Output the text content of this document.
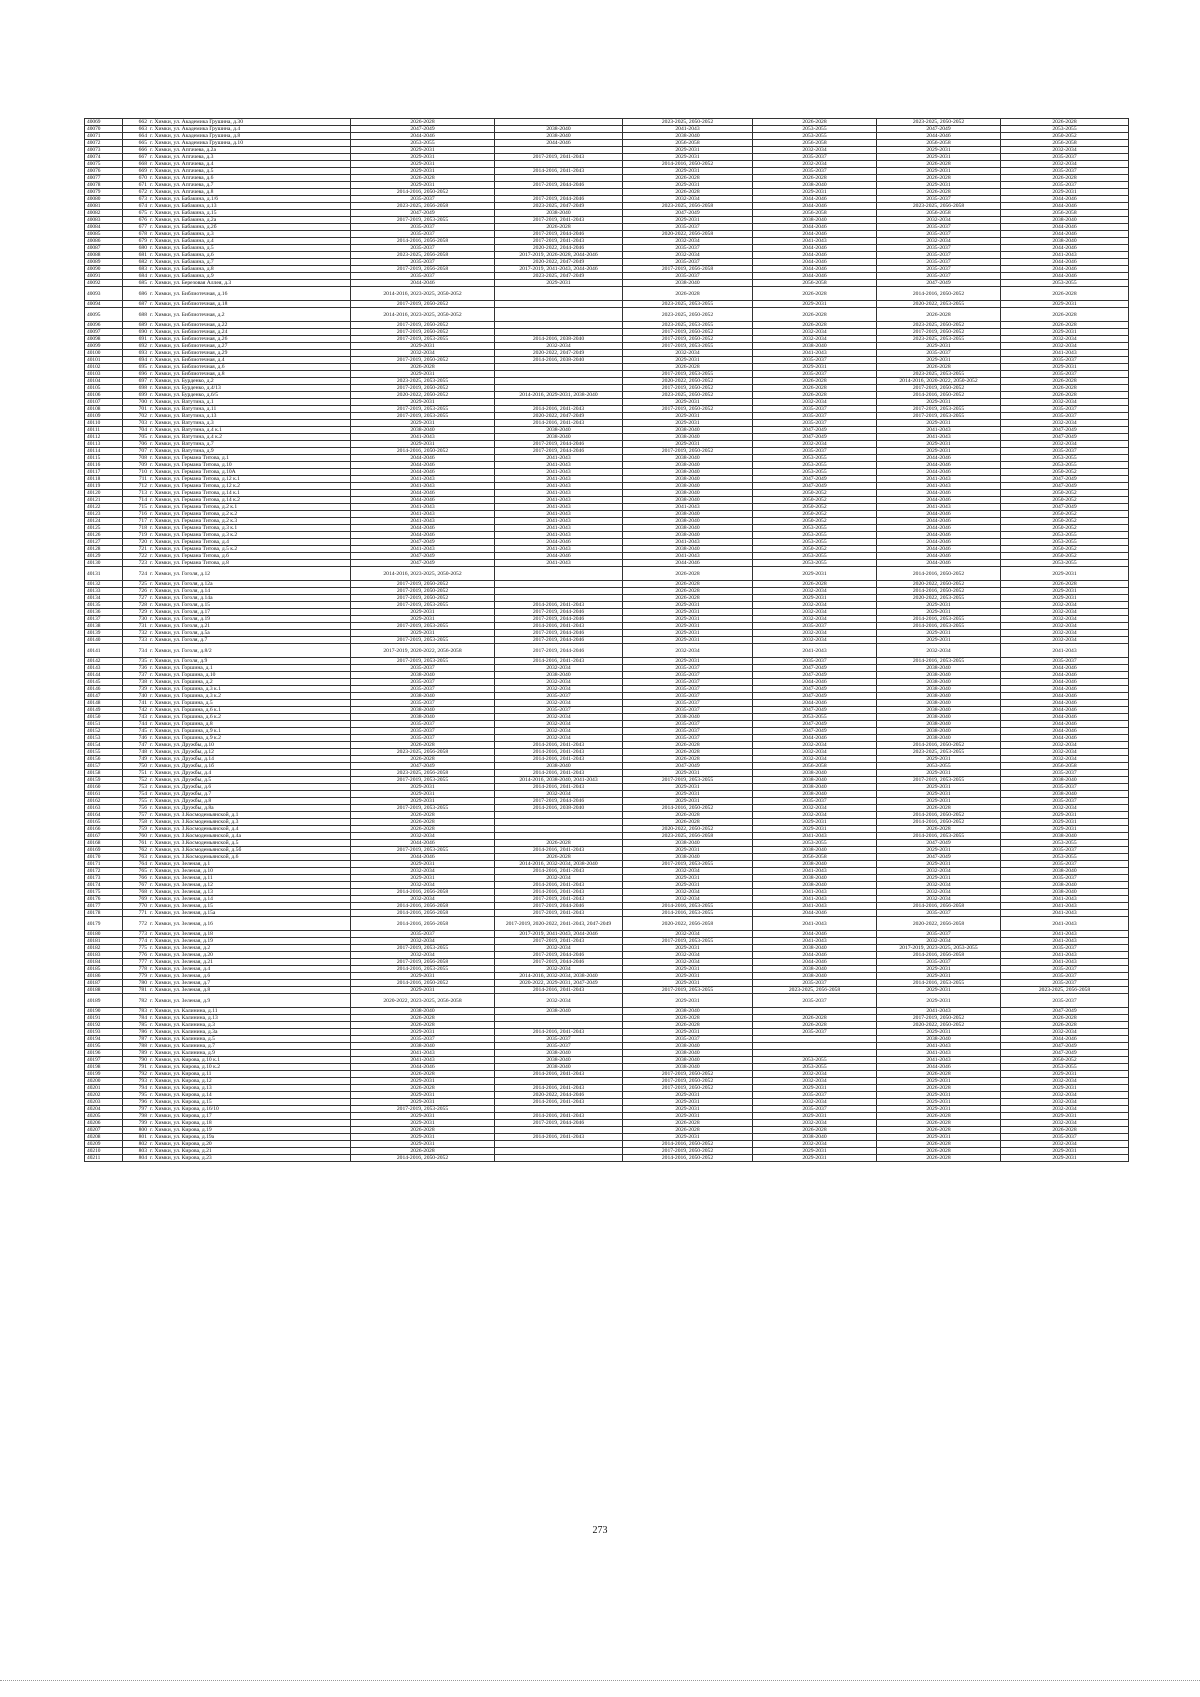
40069	662 г. Химки, ул. Академика Грушина, д.30	2026-2028		2023-2025, 2050-2052	2026-2028	2023-2025, 2050-2052	2026-2028
40070	663 г. Химки, ул. Академика Грушина, д.4	2047-2049	2038-2040	2041-2043	2053-2055	2047-2049	2053-2055
40071	664 г. Химки, ул. Академика Грушина, д.8	2044-2046	2038-2040	2038-2040	2053-2055	2044-2046	2050-2052
40072	665 г. Химки, ул. Академика Грушина, д.10	2053-2055	2044-2046	2056-2058	2056-2058	2056-2058	2056-2058
40073	666 г. Химки, ул. Апгачева, д.2а	2029-2031		2029-2031	2032-2034	2029-2031	2032-2034
40074	667 г. Химки, ул. Апгачева, д.3	2029-2031	2017-2019, 2041-2043	2029-2031	2035-2037	2029-2031	2035-2037
40075	668 г. Химки, ул. Апгачева, д.4	2029-2031		2014-2016, 2050-2052	2032-2034	2026-2028	2032-2034
40076	669 г. Химки, ул. Апгачева, д.5	2029-2031	2014-2016, 2041-2043	2029-2031	2035-2037	2029-2031	2035-2037
40077	670 г. Химки, ул. Апгачева, д.6	2026-2028		2026-2028	2026-2028	2026-2028	2026-2028
40078	671 г. Химки, ул. Апгачева, д.7	2029-2031	2017-2019, 2044-2046	2029-2031	2038-2040	2029-2031	2035-2037
40079	672 г. Химки, ул. Апгачева, д.8	2014-2016, 2050-2052		2026-2028	2029-2031	2026-2028	2029-2031
40080	673 г. Химки, ул. Бабакина, д.1/6	2035-2037	2017-2019, 2044-2046	2032-2034	2044-2046	2035-2037	2044-2046
40081	674 г. Химки, ул. Бабакина, д.13	2023-2025, 2056-2058	2023-2025, 2047-2049	2023-2025, 2056-2058	2044-2046	2023-2025, 2056-2058	2044-2046
40082	675 г. Химки, ул. Бабакина, д.15	2047-2049	2038-2040	2047-2049	2056-2058	2056-2058	2056-2058
40083	676 г. Химки, ул. Бабакина, д.2а	2017-2019, 2053-2055	2017-2019, 2041-2043	2029-2031	2038-2040	2032-2034	2038-2040
40084	677 г. Химки, ул. Бабакина, д.2б	2035-2037	2026-2028	2035-2037	2044-2046	2035-2037	2044-2046
40085	678 г. Химки, ул. Бабакина, д.3	2035-2037	2017-2019, 2044-2046	2020-2022, 2056-2058	2044-2046	2035-2037	2044-2046
40086	679 г. Химки, ул. Бабакина, д.4	2014-2016, 2056-2058	2017-2019, 2041-2043	2032-2034	2041-2043	2032-2034	2038-2040
40087	680 г. Химки, ул. Бабакина, д.5	2035-2037	2020-2022, 2044-2046	2035-2037	2044-2046	2035-2037	2044-2046
40088	681 г. Химки, ул. Бабакина, д.6	2023-2025, 2056-2058	2017-2019, 2026-2028, 2044-2046	2032-2034	2044-2046	2035-2037	2041-2043
40089	682 г. Химки, ул. Бабакина, д.7	2035-2037	2020-2022, 2047-2049	2035-2037	2044-2046	2035-2037	2044-2046
40090	683 г. Химки, ул. Бабакина, д.8	2017-2019, 2056-2058	2017-2019, 2041-2043, 2044-2046	2017-2019, 2056-2058	2044-2046	2035-2037	2044-2046
40091	684 г. Химки, ул. Бабакина, д.9	2035-2037	2023-2025, 2047-2049	2035-2037	2044-2046	2035-2037	2044-2046
40092	685 г. Химки, ул. Березовая Аллея, д.3	2044-2046	2029-2031	2038-2040	2056-2058	2047-2049	2053-2055
40093	686 г. Химки, ул. Библиотечная, д.16	2014-2016, 2023-2025, 2050-2052		2026-2028	2026-2028	2014-2016, 2050-2052	2026-2028
40094	687 г. Химки, ул. Библиотечная, д.18	2017-2019, 2050-2052		2023-2025, 2053-2055	2029-2031	2020-2022, 2053-2055	2029-2031
40095	688 г. Химки, ул. Библиотечная, д.2	2014-2016, 2023-2025, 2050-2052		2023-2025, 2050-2052	2026-2028	2026-2028	2026-2028
40096	689 г. Химки, ул. Библиотечная, д.22	2017-2019, 2050-2052		2023-2025, 2053-2055	2026-2028	2023-2025, 2050-2052	2026-2028
40097	690 г. Химки, ул. Библиотечная, д.24	2017-2019, 2050-2052		2017-2019, 2050-2052	2032-2034	2017-2019, 2050-2052	2029-2031
40098	691 г. Химки, ул. Библиотечная, д.26	2017-2019, 2053-2055	2014-2016, 2038-2040	2017-2019, 2050-2052	2032-2034	2023-2025, 2053-2055	2032-2034
40099	692 г. Химки, ул. Библиотечная, д.27	2029-2031	2032-2034	2017-2019, 2053-2055	2038-2040	2029-2031	2032-2034
40100	693 г. Химки, ул. Библиотечная, д.29	2032-2034	2020-2022, 2047-2049	2032-2034	2041-2043	2035-2037	2041-2043
40101	694 г. Химки, ул. Библиотечная, д.4	2017-2019, 2050-2052	2014-2016, 2038-2040	2029-2031	2035-2037	2029-2031	2035-2037
40102	695 г. Химки, ул. Библиотечная, д.6	2026-2028		2026-2028	2029-2031	2026-2028	2029-2031
40103	696 г. Химки, ул. Библиотечная, д.8	2029-2031		2017-2019, 2053-2055	2035-2037	2023-2025, 2053-2055	2035-2037
40104	697 г. Химки, ул. Бурденко, д.2	2023-2025, 2053-2055		2020-2022, 2050-2052	2026-2028	2014-2016, 2020-2022, 2050-2052	2026-2028
40105	698 г. Химки, ул. Бурденко, д.4/13	2017-2019, 2050-2052		2017-2019, 2050-2052	2026-2028	2017-2019, 2050-2052	2026-2028
40106	699 г. Химки, ул. Бурденко, д.6/5	2020-2022, 2050-2052	2014-2016, 2029-2031, 2038-2040	2023-2025, 2050-2052	2026-2028	2014-2016, 2050-2052	2026-2028
40107	700 г. Химки, ул. Ватутина, д.1	2029-2031		2029-2031	2032-2034	2029-2031	2032-2034
40108	701 г. Химки, ул. Ватутина, д.11	2017-2019, 2053-2055	2014-2016, 2041-2043	2017-2019, 2050-2052	2035-2037	2017-2019, 2053-2055	2035-2037
40109	702 г. Химки, ул. Ватутина, д.13	2017-2019, 2053-2055	2020-2022, 2047-2049	2029-2031	2035-2037	2017-2019, 2053-2055	2035-2037
40110	703 г. Химки, ул. Ватутина, д.3	2029-2031	2014-2016, 2041-2043	2029-2031	2035-2037	2029-2031	2032-2034
40111	704 г. Химки, ул. Ватутина, д.4 к.1	2038-2040	2038-2040	2038-2040	2047-2049	2041-2043	2047-2049
40112	705 г. Химки, ул. Ватутина, д.4 к.2	2041-2043	2038-2040	2038-2040	2047-2049	2041-2043	2047-2049
40113	706 г. Химки, ул. Ватутина, д.7	2029-2031	2017-2019, 2044-2046	2029-2031	2032-2034	2029-2031	2032-2034
40114	707 г. Химки, ул. Ватутина, д.9	2014-2016, 2050-2052	2017-2019, 2044-2046	2017-2019, 2050-2052	2035-2037	2029-2031	2035-2037
40115	708 г. Химки, ул. Германа Титова, д.1	2044-2046	2041-2043	2038-2040	2053-2055	2044-2046	2053-2055
40116	709 г. Химки, ул. Германа Титова, д.10	2044-2046	2041-2043	2038-2040	2053-2055	2044-2046	2053-2055
40117	710 г. Химки, ул. Германа Титова, д.10А	2044-2046	2041-2043	2038-2040	2053-2055	2044-2046	2050-2052
40118	711 г. Химки, ул. Германа Титова, д.12 к.1	2041-2043	2041-2043	2038-2040	2047-2049	2041-2043	2047-2049
40119	712 г. Химки, ул. Германа Титова, д.12 к.2	2041-2043	2041-2043	2038-2040	2047-2049	2041-2043	2047-2049
40120	713 г. Химки, ул. Германа Титова, д.14 к.1	2044-2046	2041-2043	2038-2040	2050-2052	2044-2046	2050-2052
40121	714 г. Химки, ул. Германа Титова, д.14 к.2	2044-2046	2041-2043	2038-2040	2050-2052	2044-2046	2050-2052
40122	715 г. Химки, ул. Германа Титова, д.2 к.1	2041-2043	2041-2043	2041-2043	2050-2052	2041-2043	2047-2049
40123	716 г. Химки, ул. Германа Титова, д.2 к.2	2041-2043	2041-2043	2038-2040	2050-2052	2044-2046	2050-2052
40124	717 г. Химки, ул. Германа Титова, д.2 к.3	2041-2043	2041-2043	2038-2040	2050-2052	2044-2046	2050-2052
40125	718 г. Химки, ул. Германа Титова, д.3 к.1	2044-2046	2041-2043	2038-2040	2053-2055	2044-2046	2050-2052
40126	719 г. Химки, ул. Германа Титова, д.3 к.2	2044-2046	2041-2043	2038-2040	2053-2055	2044-2046	2053-2055
40127	720 г. Химки, ул. Германа Титова, д.4	2047-2049	2044-2046	2041-2043	2053-2055	2044-2046	2053-2055
40128	721 г. Химки, ул. Германа Титова, д.5 к.2	2041-2043	2041-2043	2038-2040	2050-2052	2044-2046	2050-2052
40129	722 г. Химки, ул. Германа Титова, д.6	2047-2049	2044-2046	2041-2043	2053-2055	2044-2046	2050-2052
40130	723 г. Химки, ул. Германа Титова, д.8	2047-2049	2041-2043	2044-2046	2053-2055	2044-2046	2053-2055
40131	724 г. Химки, ул. Гоголя, д.12	2014-2016, 2023-2025, 2050-2052		2026-2028	2029-2031	2014-2016, 2050-2052	2029-2031
40132	725 г. Химки, ул. Гоголя, д.12а	2017-2019, 2050-2052		2026-2028	2026-2028	2020-2022, 2050-2052	2026-2028
40133	726 г. Химки, ул. Гоголя, д.14	2017-2019, 2050-2052		2026-2028	2032-2034	2014-2016, 2050-2052	2029-2031
40134	727 г. Химки, ул. Гоголя, д.14а	2017-2019, 2050-2052		2026-2028	2029-2031	2020-2022, 2053-2055	2029-2031
40135	728 г. Химки, ул. Гоголя, д.15	2017-2019, 2053-2055	2014-2016, 2041-2043	2029-2031	2032-2034	2029-2031	2032-2034
40136	729 г. Химки, ул. Гоголя, д.17	2029-2031	2017-2019, 2044-2046	2029-2031	2032-2034	2029-2031	2032-2034
40137	730 г. Химки, ул. Гоголя, д.19	2029-2031	2017-2019, 2044-2046	2029-2031	2032-2034	2014-2016, 2053-2055	2032-2034
40138	731 г. Химки, ул. Гоголя, д.21	2017-2019, 2053-2055	2014-2016, 2041-2043	2029-2031	2035-2037	2014-2016, 2053-2055	2032-2034
40139	732 г. Химки, ул. Гоголя, д.5а	2029-2031	2017-2019, 2044-2046	2029-2031	2032-2034	2029-2031	2032-2034
40140	733 г. Химки, ул. Гоголя, д.7	2017-2019, 2053-2055	2017-2019, 2044-2046	2029-2031	2032-2034	2029-2031	2032-2034
40141	734 г. Химки, ул. Гоголя, д.8/2	2017-2019, 2020-2022, 2056-2058	2017-2019, 2044-2046	2032-2034	2041-2043	2032-2034	2041-2043
40142	735 г. Химки, ул. Гоголя, д.9	2017-2019, 2053-2055	2014-2016, 2041-2043	2029-2031	2035-2037	2014-2016, 2053-2055	2035-2037
40143	736 г. Химки, ул. Горшина, д.1	2035-2037	2032-2034	2035-2037	2047-2049	2038-2040	2044-2046
40144	737 г. Химки, ул. Горшина, д.10	2038-2040	2038-2040	2035-2037	2047-2049	2038-2040	2044-2046
40145	738 г. Химки, ул. Горшина, д.2	2035-2037	2032-2034	2035-2037	2044-2046	2038-2040	2044-2046
40146	739 г. Химки, ул. Горшина, д.3 к.1	2035-2037	2032-2034	2035-2037	2047-2049	2038-2040	2044-2046
40147	740 г. Химки, ул. Горшина, д.3 к.2	2038-2040	2035-2037	2035-2037	2047-2049	2038-2040	2044-2046
40148	741 г. Химки, ул. Горшина, д.5	2035-2037	2032-2034	2035-2037	2044-2046	2038-2040	2044-2046
40149	742 г. Химки, ул. Горшина, д.6 к.1	2038-2040	2035-2037	2035-2037	2047-2049	2038-2040	2044-2046
40150	743 г. Химки, ул. Горшина, д.6 к.2	2038-2040	2032-2034	2038-2040	2053-2055	2038-2040	2044-2046
40151	744 г. Химки, ул. Горшина, д.8	2035-2037	2032-2034	2035-2037	2047-2049	2038-2040	2044-2046
40152	745 г. Химки, ул. Горшина, д.9 к.1	2035-2037	2032-2034	2035-2037	2047-2049	2038-2040	2044-2046
40153	746 г. Химки, ул. Горшина, д.9 к.2	2035-2037	2032-2034	2035-2037	2044-2046	2038-2040	2044-2046
40154	747 г. Химки, ул. Дружбы, д.10	2026-2028	2014-2016, 2041-2043	2026-2028	2032-2034	2014-2016, 2050-2052	2032-2034
40155	748 г. Химки, ул. Дружбы, д.12	2023-2025, 2056-2058	2014-2016, 2041-2043	2026-2028	2032-2034	2023-2025, 2053-2055	2032-2034
40156	749 г. Химки, ул. Дружбы, д.14	2026-2028	2014-2016, 2041-2043	2026-2028	2032-2034	2029-2031	2032-2034
40157	750 г. Химки, ул. Дружбы, д.1б	2047-2049	2038-2040	2047-2049	2056-2058	2053-2055	2056-2058
40158	751 г. Химки, ул. Дружбы, д.4	2023-2025, 2056-2058	2014-2016, 2041-2043	2029-2031	2038-2040	2029-2031	2035-2037
40159	752 г. Химки, ул. Дружбы, д.5	2017-2019, 2053-2055	2014-2016, 2038-2040, 2041-2043	2017-2019, 2053-2055	2038-2040	2017-2019, 2053-2055	2038-2040
40160	753 г. Химки, ул. Дружбы, д.6	2029-2031	2014-2016, 2041-2043	2029-2031	2038-2040	2029-2031	2035-2037
40161	754 г. Химки, ул. Дружбы, д.7	2029-2031	2032-2034	2029-2031	2038-2040	2029-2031	2038-2040
40162	755 г. Химки, ул. Дружбы, д.8	2029-2031	2017-2019, 2044-2046	2029-2031	2035-2037	2029-2031	2035-2037
40163	756 г. Химки, ул. Дружбы, д.8а	2017-2019, 2053-2055	2014-2016, 2038-2040	2014-2016, 2050-2052	2032-2034	2026-2028	2032-2034
40164	757 г. Химки, ул. З.Космодемьянской, д.1	2026-2028		2026-2028	2032-2034	2014-2016, 2050-2052	2029-2031
40165	758 г. Химки, ул. З.Космодемьянской, д.3	2026-2028		2026-2028	2029-2031	2014-2016, 2050-2052	2029-2031
40166	759 г. Химки, ул. З.Космодемьянской, д.4	2026-2028		2020-2022, 2050-2052	2029-2031	2026-2028	2029-2031
40167	760 г. Химки, ул. З.Космодемьянской, д.4а	2032-2034		2023-2025, 2056-2058	2041-2043	2014-2016, 2053-2055	2038-2040
40168	761 г. Химки, ул. З.Космодемьянской, д.5	2044-2046	2026-2028	2038-2040	2053-2055	2047-2049	2053-2055
40169	762 г. Химки, ул. З.Космодемьянской, д.5б	2017-2019, 2053-2055	2014-2016, 2041-2043	2029-2031	2038-2040	2029-2031	2035-2037
40170	763 г. Химки, ул. З.Космодемьянской, д.6	2044-2046	2026-2028	2038-2040	2056-2058	2047-2049	2053-2055
40171	764 г. Химки, ул. Зеленая, д.1	2029-2031	2014-2016, 2032-2034, 2038-2040	2017-2019, 2053-2055	2038-2040	2029-2031	2035-2037
40172	765 г. Химки, ул. Зеленая, д.10	2032-2034	2014-2016, 2041-2043	2032-2034	2041-2043	2032-2034	2038-2040
40173	766 г. Химки, ул. Зеленая, д.11	2029-2031	2032-2034	2029-2031	2038-2040	2029-2031	2035-2037
40174	767 г. Химки, ул. Зеленая, д.12	2032-2034	2014-2016, 2041-2043	2029-2031	2038-2040	2032-2034	2038-2040
40175	768 г. Химки, ул. Зеленая, д.13	2014-2016, 2056-2058	2014-2016, 2041-2043	2032-2034	2041-2043	2032-2034	2038-2040
40176	769 г. Химки, ул. Зеленая, д.14	2032-2034	2017-2019, 2041-2043	2032-2034	2041-2043	2032-2034	2041-2043
40177	770 г. Химки, ул. Зеленая, д.15	2014-2016, 2056-2058	2017-2019, 2044-2046	2014-2016, 2053-2055	2041-2043	2014-2016, 2056-2058	2041-2043
40178	771 г. Химки, ул. Зеленая, д.15а	2014-2016, 2056-2058	2017-2019, 2041-2043	2014-2016, 2053-2055	2044-2046	2035-2037	2041-2043
40179	772 г. Химки, ул. Зеленая, д.16	2014-2016, 2056-2058	2017-2019, 2020-2022, 2041-2043, 2047-2049	2020-2022, 2056-2058	2041-2043	2020-2022, 2056-2058	2041-2043
40180	773 г. Химки, ул. Зеленая, д.18	2035-2037	2017-2019, 2041-2043, 2044-2046	2032-2034	2044-2046	2035-2037	2041-2043
40181	774 г. Химки, ул. Зеленая, д.19	2032-2034	2017-2019, 2041-2043	2017-2019, 2053-2055	2041-2043	2032-2034	2041-2043
40182	775 г. Химки, ул. Зеленая, д.2	2017-2019, 2053-2055	2032-2034	2029-2031	2038-2040	2017-2019, 2023-2025, 2053-2055	2035-2037
40183	776 г. Химки, ул. Зеленая, д.20	2032-2034	2017-2019, 2044-2046	2032-2034	2044-2046	2014-2016, 2056-2058	2041-2043
40184	777 г. Химки, ул. Зеленая, д.21	2017-2019, 2056-2058	2017-2019, 2044-2046	2032-2034	2044-2046	2035-2037	2041-2043
40185	778 г. Химки, ул. Зеленая, д.4	2014-2016, 2053-2055	2032-2034	2029-2031	2038-2040	2029-2031	2035-2037
40186	779 г. Химки, ул. Зеленая, д.6	2029-2031	2014-2016, 2032-2034, 2038-2040	2029-2031	2038-2040	2029-2031	2035-2037
40187	780 г. Химки, ул. Зеленая, д.7	2014-2016, 2050-2052	2020-2022, 2029-2031, 2047-2049	2029-2031	2035-2037	2014-2016, 2053-2055	2035-2037
40188	781 г. Химки, ул. Зеленая, д.8	2029-2031	2014-2016, 2041-2043	2017-2019, 2053-2055	2023-2025, 2056-2058	2029-2031	2023-2025, 2056-2058
40189	782 г. Химки, ул. Зеленая, д.9	2020-2022, 2023-2025, 2056-2058	2032-2034	2029-2031	2035-2037	2029-2031	2035-2037
40190	783 г. Химки, ул. Калинина, д.11	2038-2040	2038-2040	2038-2040		2041-2043	2047-2049
40191	784 г. Химки, ул. Калинина, д.13	2026-2028		2026-2028	2026-2028	2017-2019, 2050-2052	2026-2028
40192	785 г. Химки, ул. Калинина, д.3	2026-2028		2026-2028	2026-2028	2020-2022, 2050-2052	2026-2028
40193	786 г. Химки, ул. Калинина, д.3а	2029-2031	2014-2016, 2041-2043	2029-2031	2035-2037	2029-2031	2032-2034
40194	787 г. Химки, ул. Калинина, д.5	2035-2037	2035-2037	2035-2037		2038-2040	2044-2046
40195	788 г. Химки, ул. Калинина, д.7	2038-2040	2035-2037	2038-2040		2041-2043	2047-2049
40196	789 г. Химки, ул. Калинина, д.9	2041-2043	2038-2040	2038-2040		2041-2043	2047-2049
40197	790 г. Химки, ул. Кирова, д.10 к.1	2041-2043	2038-2040	2038-2040	2053-2055	2041-2043	2050-2052
40198	791 г. Химки, ул. Кирова, д.10 к.2	2044-2046	2038-2040	2038-2040	2053-2055	2044-2046	2053-2055
40199	792 г. Химки, ул. Кирова, д.11	2026-2028	2014-2016, 2041-2043	2017-2019, 2050-2052	2032-2034	2026-2028	2029-2031
40200	793 г. Химки, ул. Кирова, д.12	2029-2031		2017-2019, 2050-2052	2032-2034	2029-2031	2032-2034
40201	794 г. Химки, ул. Кирова, д.13	2026-2028	2014-2016, 2041-2043	2017-2019, 2050-2052	2029-2031	2026-2028	2029-2031
40202	795 г. Химки, ул. Кирова, д.14	2029-2031	2020-2022, 2044-2046	2029-2031	2035-2037	2029-2031	2032-2034
40203	796 г. Химки, ул. Кирова, д.15	2029-2031	2014-2016, 2041-2043	2029-2031	2032-2034	2029-2031	2032-2034
40204	797 г. Химки, ул. Кирова, д.16/10	2017-2019, 2053-2055		2029-2031	2035-2037	2029-2031	2032-2034
40205	798 г. Химки, ул. Кирова, д.17	2029-2031	2014-2016, 2041-2043	2029-2031	2029-2031	2026-2028	2029-2031
40206	799 г. Химки, ул. Кирова, д.18	2029-2031	2017-2019, 2044-2046	2026-2028	2032-2034	2026-2028	2032-2034
40207	800 г. Химки, ул. Кирова, д.19	2026-2028		2026-2028	2026-2028	2026-2028	2026-2028
40208	801 г. Химки, ул. Кирова, д.19а	2029-2031	2014-2016, 2041-2043	2029-2031	2038-2040	2029-2031	2035-2037
40209	802 г. Химки, ул. Кирова, д.20	2029-2031		2014-2016, 2050-2052	2032-2034	2026-2028	2032-2034
40210	803 г. Химки, ул. Кирова, д.21	2026-2028		2017-2019, 2050-2052	2029-2031	2026-2028	2029-2031
40211	804 г. Химки, ул. Кирова, д.23	2014-2016, 2050-2052		2014-2016, 2050-2052	2029-2031	2026-2028	2029-2031
273
